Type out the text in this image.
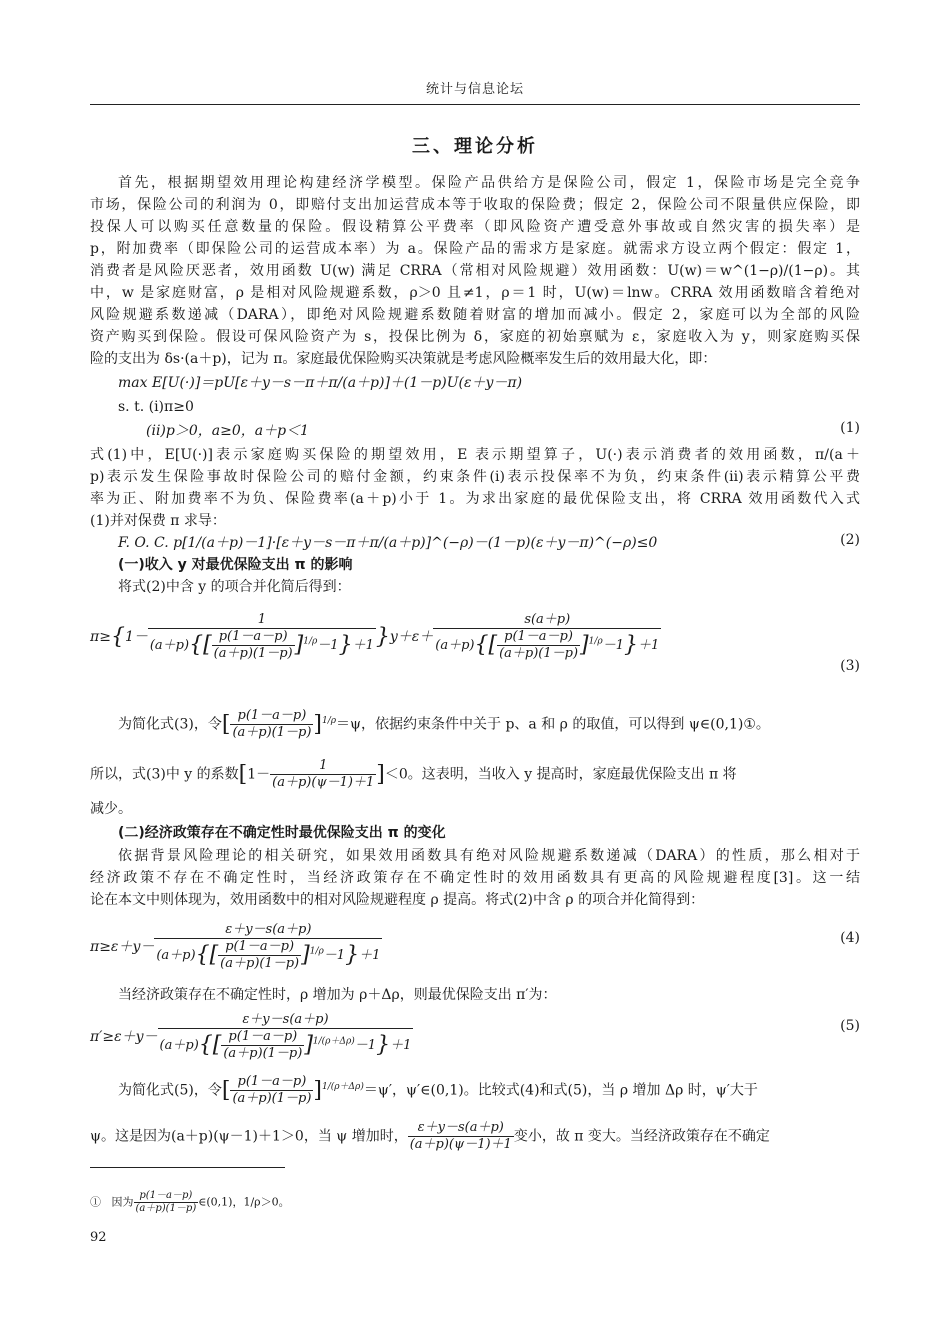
统计与信息论坛
三、理论分析
首先，根据期望效用理论构建经济学模型。保险产品供给方是保险公司，假定 1，保险市场是完全竞争
市场，保险公司的利润为 0，即赔付支出加运营成本等于收取的保险费；假定 2，保险公司不限量供应保险，即
投保人可以购买任意数量的保险。假设精算公平费率（即风险资产遭受意外事故或自然灾害的损失率）是
p，附加费率（即保险公司的运营成本率）为 a。保险产品的需求方是家庭。就需求方设立两个假定：假定 1，
消费者是风险厌恶者，效用函数 U(w) 满足 CRRA（常相对风险规避）效用函数：U(w)＝w^(1−ρ)/(1−ρ)。其
中，w 是家庭财富，ρ 是相对风险规避系数，ρ＞0 且≠1，ρ＝1 时，U(w)＝lnw。CRRA 效用函数暗含着绝对
风险规避系数递减（DARA），即绝对风险规避系数随着财富的增加而减小。假定 2，家庭可以为全部的风险
资产购买到保险。假设可保风险资产为 s，投保比例为 δ，家庭的初始禀赋为 ε，家庭收入为 y，则家庭购买保
险的支出为 δs·(a＋p)，记为 π。家庭最优保险购买决策就是考虑风险概率发生后的效用最大化，即：
max E[U(·)]＝pU[ε＋y－s－π＋π/(a＋p)]＋(1－p)U(ε＋y－π)
s. t. (i)π≥0
(ii)p＞0，a≥0，a＋p＜1	(1)
式(1)中，E[U(·)]表示家庭购买保险的期望效用，E 表示期望算子，U(·)表示消费者的效用函数，π/(a＋
p)表示发生保险事故时保险公司的赔付金额，约束条件(i)表示投保率不为负，约束条件(ii)表示精算公平费
率为正、附加费率不为负、保险费率(a＋p)小于 1。为求出家庭的最优保险支出，将 CRRA 效用函数代入式
(1)并对保费 π 求导：
F. O. C. p[1/(a＋p)－1]·[ε＋y－s－π＋π/(a＋p)]^(−ρ)－(1－p)(ε＋y－π)^(−ρ)≤0	(2)
(一)收入 y 对最优保险支出 π 的影响
将式(2)中含 y 的项合并化简后得到：
$\pi\ge\{1- \frac{1}{(a+p)\{[ \frac{p(1-a-p)}{(a+p)(1-p)} ]^{1/\rho}-1\}+1} \}y+\varepsilon+ \frac{s(a+p)}{(a+p)\{[ \frac{p(1-a-p)}{(a+p)(1-p)} ]^{1/\rho}-1\}+1}$
(3)
为简化式(3)，令[ $\frac{p(1-a-p)}{(a+p)(1-p)} ]^{1/\rho}=\psi$，依据约束条件中关于 p、a 和 ρ 的取值，可以得到 ψ∈(0,1)①。
所以，式(3)中 y 的系数$[1- \frac{1}{(a+p)(\psi-1)+1} ]<0$。这表明，当收入 y 提高时，家庭最优保险支出 π 将
减少。
(二)经济政策存在不确定性时最优保险支出 π 的变化
依据背景风险理论的相关研究，如果效用函数具有绝对风险规避系数递减（DARA）的性质，那么相对于
经济政策不存在不确定性时，当经济政策存在不确定性时的效用函数具有更高的风险规避程度[3]。这一结
论在本文中则体现为，效用函数中的相对风险规避程度 ρ 提高。将式(2)中含 ρ 的项合并化简得到：
$\pi\ge\varepsilon+y- \frac{\varepsilon+y-s(a+p)}{(a+p)\{[ \frac{p(1-a-p)}{(a+p)(1-p)} ]^{1/\rho}-1\}+1}$	(4)
当经济政策存在不确定性时，ρ 增加为 ρ＋Δρ，则最优保险支出 π′为：
$\pi'\ge\varepsilon+y- \frac{\varepsilon+y-s(a+p)}{(a+p)\{[ \frac{p(1-a-p)}{(a+p)(1-p)} ]^{1/(\rho+\Delta\rho)}-1\}+1}$	(5)
为简化式(5)，令[ $\frac{p(1-a-p)}{(a+p)(1-p)} ]^{1/(\rho+\Delta\rho)}=\psi'$，ψ′∈(0,1)。比较式(4)和式(5)，当 ρ 增加 Δρ 时，ψ′大于
ψ。这是因为(a＋p)(ψ－1)＋1＞0，当 ψ 增加时， $\frac{\varepsilon+y-s(a+p)}{(a+p)(\psi-1)+1}$ 变小，故 π 变大。当经济政策存在不确定
① 因为 $\frac{p(1-a-p)}{(a+p)(1-p)}$ ∈(0,1)，1/ρ＞0。
92
